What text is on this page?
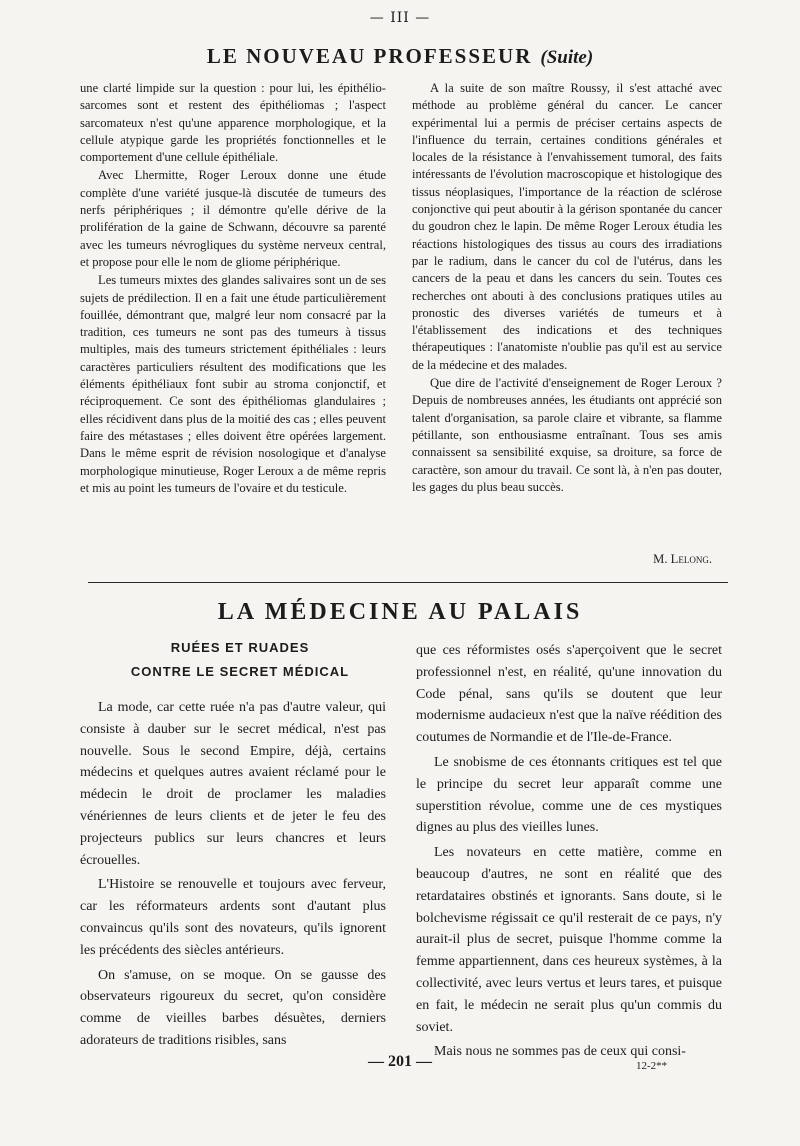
— III —
LE NOUVEAU PROFESSEUR (Suite)

une clarté limpide sur la question : pour lui, les épithélio-sarcomes sont et restent des épithéliomas ; l'aspect sarcomateux n'est qu'une apparence morphologique, et la cellule atypique garde les propriétés fonctionnelles et le comportement d'une cellule épithéliale.

Avec Lhermitte, Roger Leroux donne une étude complète d'une variété jusque-là discutée de tumeurs des nerfs périphériques ; il démontre qu'elle dérive de la prolifération de la gaine de Schwann, découvre sa parenté avec les tumeurs névrogliques du système nerveux central, et propose pour elle le nom de gliome périphérique.

Les tumeurs mixtes des glandes salivaires sont un de ses sujets de prédilection. Il en a fait une étude particulièrement fouillée, démontrant que, malgré leur nom consacré par la tradition, ces tumeurs ne sont pas des tumeurs à tissus multiples, mais des tumeurs strictement épithéliales : leurs caractères particuliers résultent des modifications que les éléments épithéliaux font subir au stroma conjonctif, et réciproquement. Ce sont des épithéliomas glandulaires ; elles récidivent dans plus de la moitié des cas ; elles peuvent faire des métastases ; elles doivent être opérées largement. Dans le même esprit de révision nosologique et d'analyse morphologique minutieuse, Roger Leroux a de même repris et mis au point les tumeurs de l'ovaire et du testicule.

A la suite de son maître Roussy, il s'est attaché avec méthode au problème général du cancer. Le cancer expérimental lui a permis de préciser certains aspects de l'influence du terrain, certaines conditions générales et locales de la résistance à l'envahissement tumoral, des faits intéressants de l'évolution macroscopique et histologique des tissus néoplasiques, l'importance de la réaction de sclérose conjonctive qui peut aboutir à la gérison spontanée du cancer du goudron chez le lapin. De même Roger Leroux étudia les réactions histologiques des tissus au cours des irradiations par le radium, dans le cancer du col de l'utérus, dans les cancers de la peau et dans les cancers du sein. Toutes ces recherches ont abouti à des conclusions pratiques utiles au pronostic des diverses variétés de tumeurs et à l'établissement des indications et des techniques thérapeutiques : l'anatomiste n'oublie pas qu'il est au service de la médecine et des malades.

Que dire de l'activité d'enseignement de Roger Leroux ? Depuis de nombreuses années, les étudiants ont apprécié son talent d'organisation, sa parole claire et vibrante, sa flamme pétillante, son enthousiasme entraînant. Tous ses amis connaissent sa sensibilité exquise, sa droiture, sa force de caractère, son amour du travail. Ce sont là, à n'en pas douter, les gages du plus beau succès.

M. Lelong.
LA MÉDECINE AU PALAIS
RUÉES ET RUADES
CONTRE LE SECRET MÉDICAL

La mode, car cette ruée n'a pas d'autre valeur, qui consiste à dauber sur le secret médical, n'est pas nouvelle. Sous le second Empire, déjà, certains médecins et quelques autres avaient réclamé pour le médecin le droit de proclamer les maladies vénériennes de leurs clients et de jeter le feu des projecteurs publics sur leurs chancres et leurs écrouelles.

L'Histoire se renouvelle et toujours avec ferveur, car les réformateurs ardents sont d'autant plus convaincus qu'ils sont des novateurs, qu'ils ignorent les précédents des siècles antérieurs.

On s'amuse, on se moque. On se gausse des observateurs rigoureux du secret, qu'on considère comme de vieilles barbes désuètes, derniers adorateurs de traditions risibles, sans

que ces réformistes osés s'aperçoivent que le secret professionnel n'est, en réalité, qu'une innovation du Code pénal, sans qu'ils se doutent que leur modernisme audacieux n'est que la naïve réédition des coutumes de Normandie et de l'Ile-de-France.

Le snobisme de ces étonnants critiques est tel que le principe du secret leur apparaît comme une superstition révolue, comme une de ces mystiques dignes au plus des vieilles lunes.

Les novateurs en cette matière, comme en beaucoup d'autres, ne sont en réalité que des retardataires obstinés et ignorants. Sans doute, si le bolchevisme régissait ce qu'il resterait de ce pays, n'y aurait-il plus de secret, puisque l'homme comme la femme appartiennent, dans ces heureux systèmes, à la collectivité, avec leurs vertus et leurs tares, et puisque en fait, le médecin ne serait plus qu'un commis du soviet.

Mais nous ne sommes pas de ceux qui consi-

— 201 —	12-2**
